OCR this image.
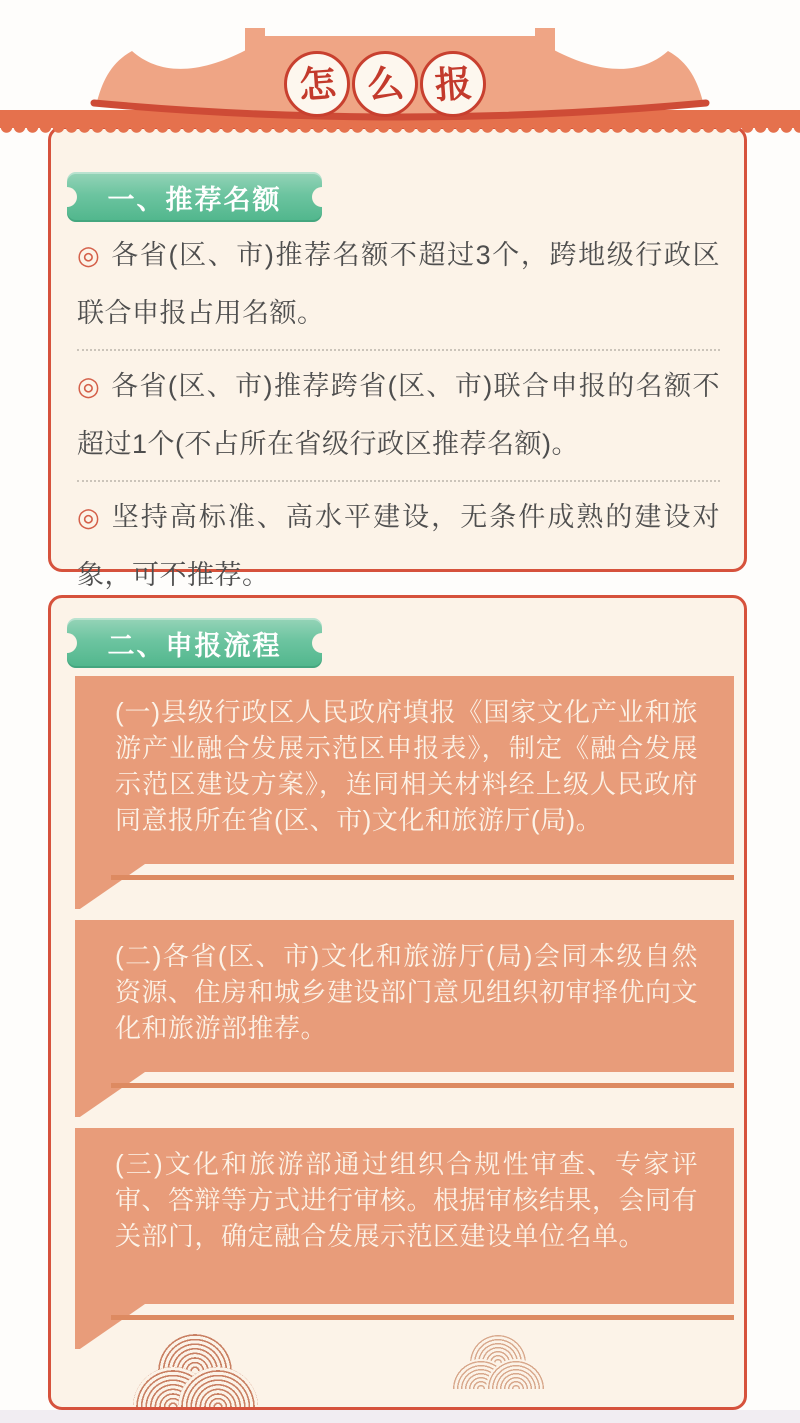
怎 么 报
一、推荐名额
◎ 各省(区、市)推荐名额不超过3个，跨地级行政区联合申报占用名额。
◎ 各省(区、市)推荐跨省(区、市)联合申报的名额不超过1个(不占所在省级行政区推荐名额)。
◎ 坚持高标准、高水平建设，无条件成熟的建设对象，可不推荐。
二、申报流程
(一)县级行政区人民政府填报《国家文化产业和旅游产业融合发展示范区申报表》，制定《融合发展示范区建设方案》，连同相关材料经上级人民政府同意报所在省(区、市)文化和旅游厅(局)。
(二)各省(区、市)文化和旅游厅(局)会同本级自然资源、住房和城乡建设部门意见组织初审择优向文化和旅游部推荐。
(三)文化和旅游部通过组织合规性审查、专家评审、答辩等方式进行审核。根据审核结果，会同有关部门，确定融合发展示范区建设单位名单。
